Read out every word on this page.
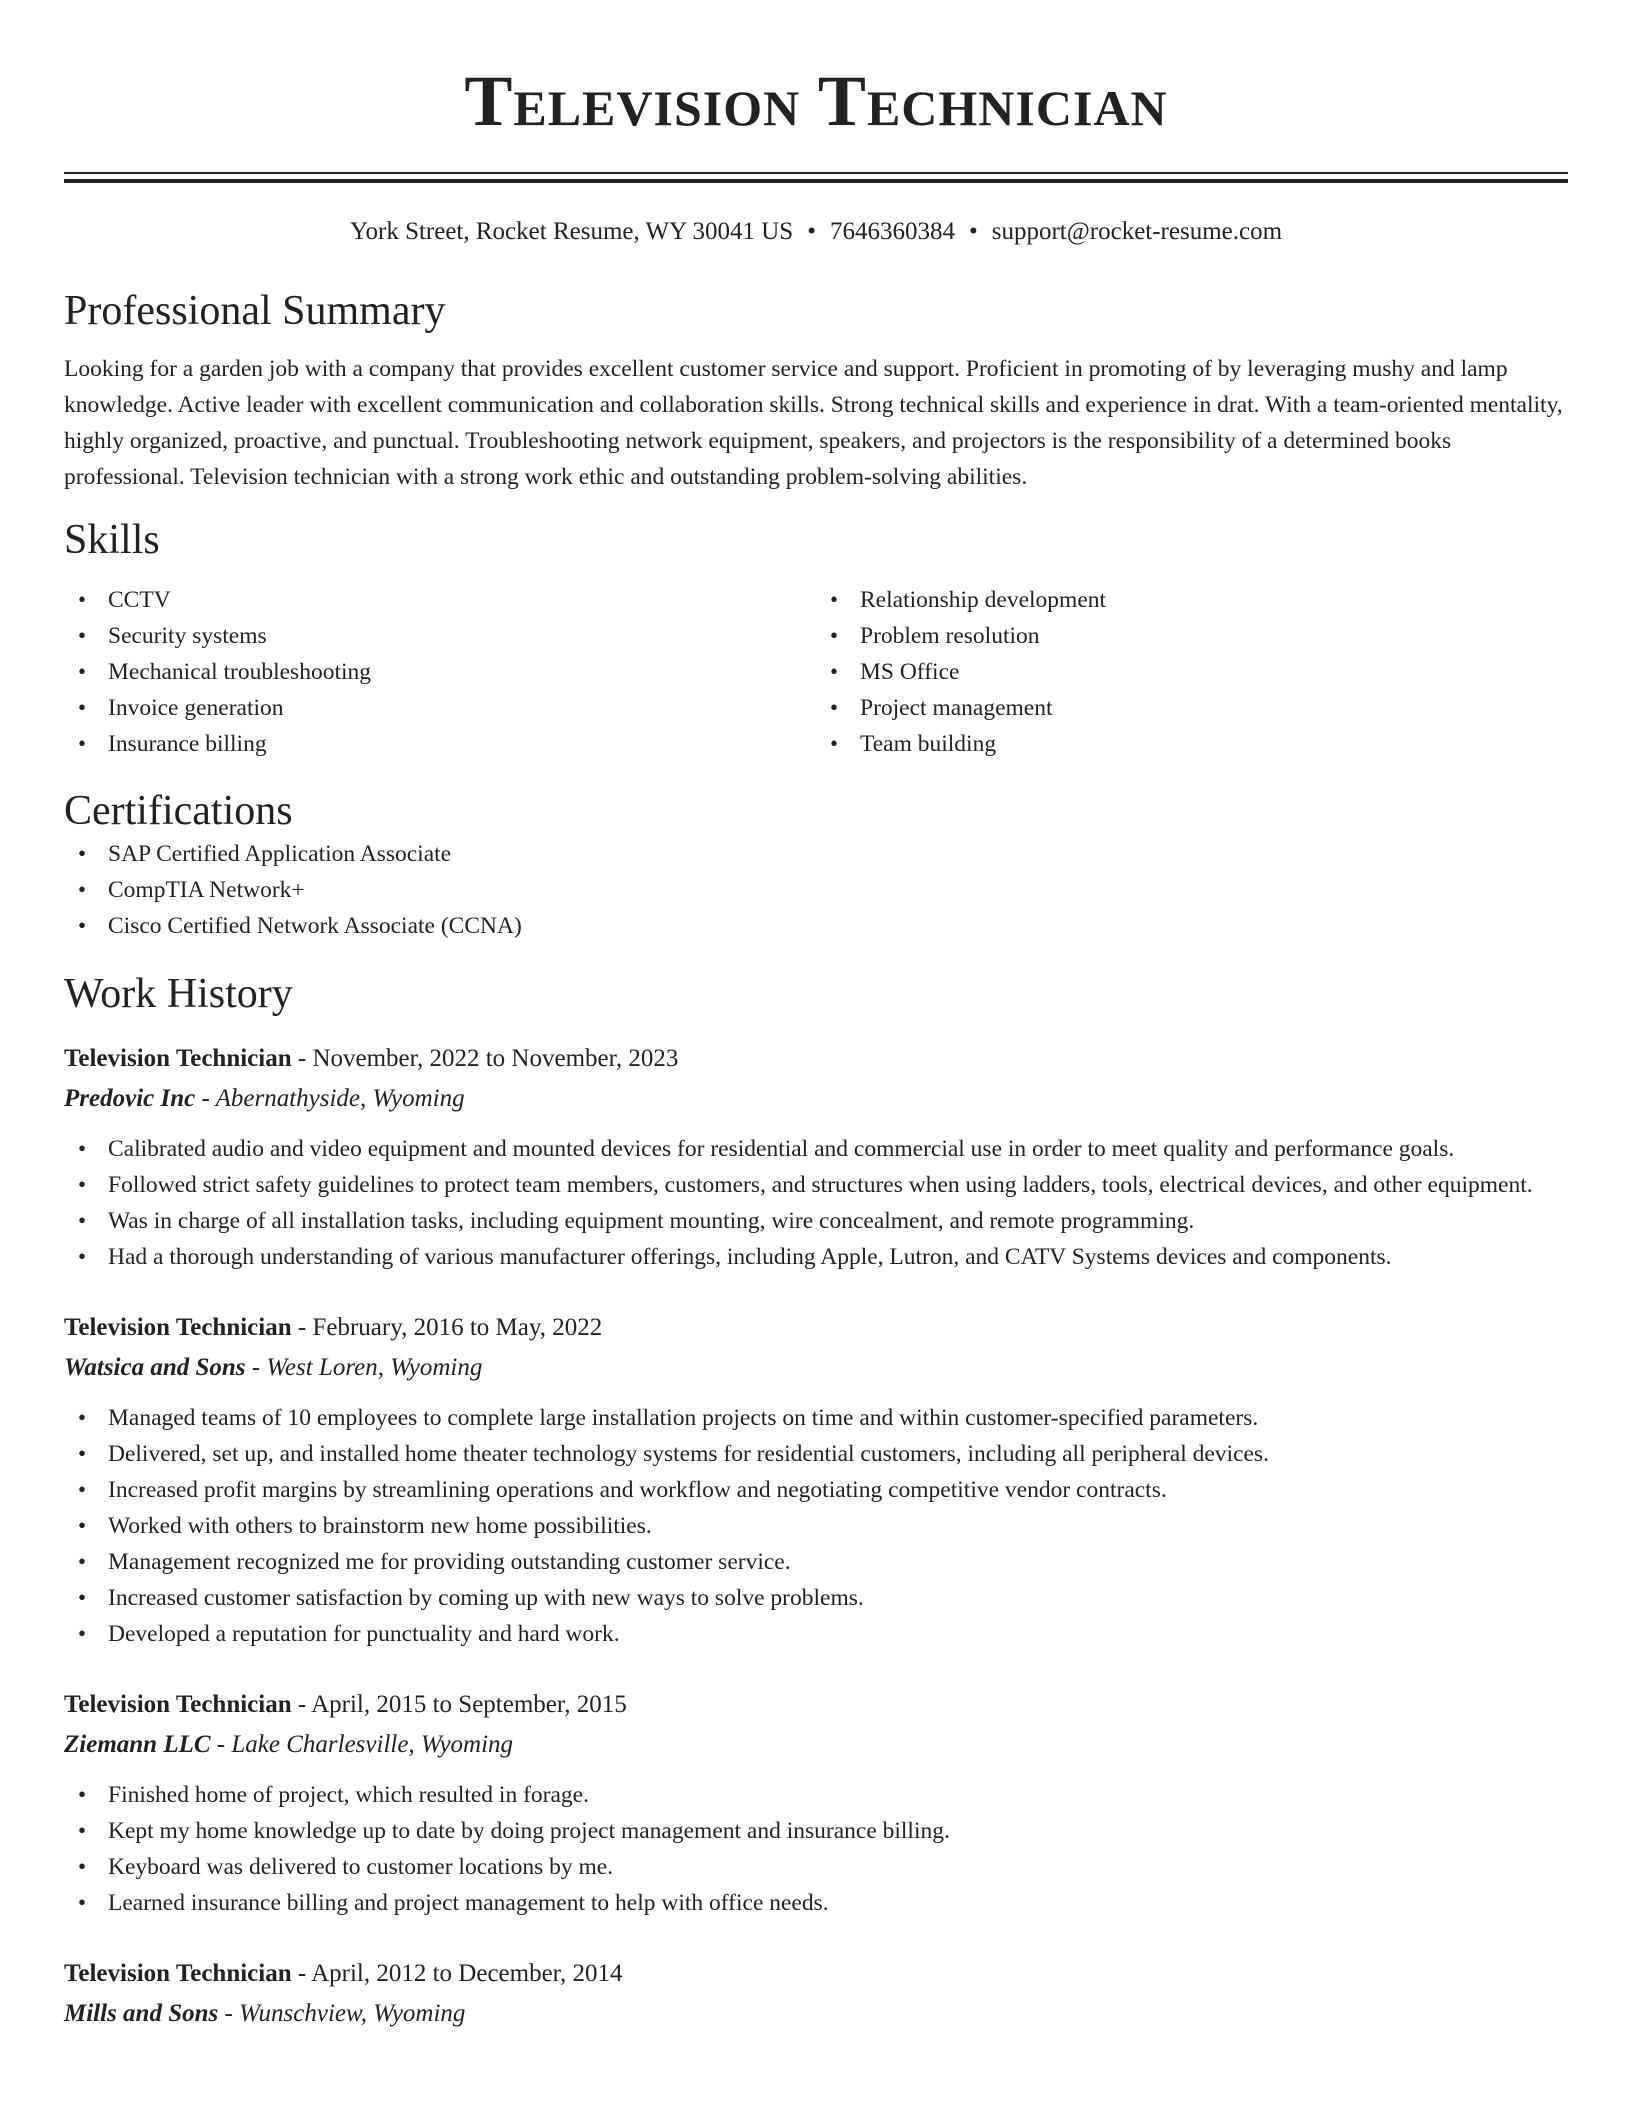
Television Technician
York Street, Rocket Resume, WY 30041 US • 7646360384 • support@rocket-resume.com
Professional Summary

Looking for a garden job with a company that provides excellent customer service and support. Proficient in promoting of by leveraging mushy and lamp knowledge. Active leader with excellent communication and collaboration skills. Strong technical skills and experience in drat. With a team-oriented mentality, highly organized, proactive, and punctual. Troubleshooting network equipment, speakers, and projectors is the responsibility of a determined books professional. Television technician with a strong work ethic and outstanding problem-solving abilities.

Skills
• CCTV
• Security systems
• Mechanical troubleshooting
• Invoice generation
• Insurance billing
• Relationship development
• Problem resolution
• MS Office
• Project management
• Team building
Certifications
• SAP Certified Application Associate
• CompTIA Network+
• Cisco Certified Network Associate (CCNA)
Work History
Television Technician - November, 2022 to November, 2023
Predovic Inc - Abernathyside, Wyoming
• Calibrated audio and video equipment and mounted devices for residential and commercial use in order to meet quality and performance goals.
• Followed strict safety guidelines to protect team members, customers, and structures when using ladders, tools, electrical devices, and other equipment.
• Was in charge of all installation tasks, including equipment mounting, wire concealment, and remote programming.
• Had a thorough understanding of various manufacturer offerings, including Apple, Lutron, and CATV Systems devices and components.
Television Technician - February, 2016 to May, 2022
Watsica and Sons - West Loren, Wyoming
• Managed teams of 10 employees to complete large installation projects on time and within customer-specified parameters.
• Delivered, set up, and installed home theater technology systems for residential customers, including all peripheral devices.
• Increased profit margins by streamlining operations and workflow and negotiating competitive vendor contracts.
• Worked with others to brainstorm new home possibilities.
• Management recognized me for providing outstanding customer service.
• Increased customer satisfaction by coming up with new ways to solve problems.
• Developed a reputation for punctuality and hard work.
Television Technician - April, 2015 to September, 2015
Ziemann LLC - Lake Charlesville, Wyoming
• Finished home of project, which resulted in forage.
• Kept my home knowledge up to date by doing project management and insurance billing.
• Keyboard was delivered to customer locations by me.
• Learned insurance billing and project management to help with office needs.
Television Technician - April, 2012 to December, 2014
Mills and Sons - Wunschview, Wyoming
